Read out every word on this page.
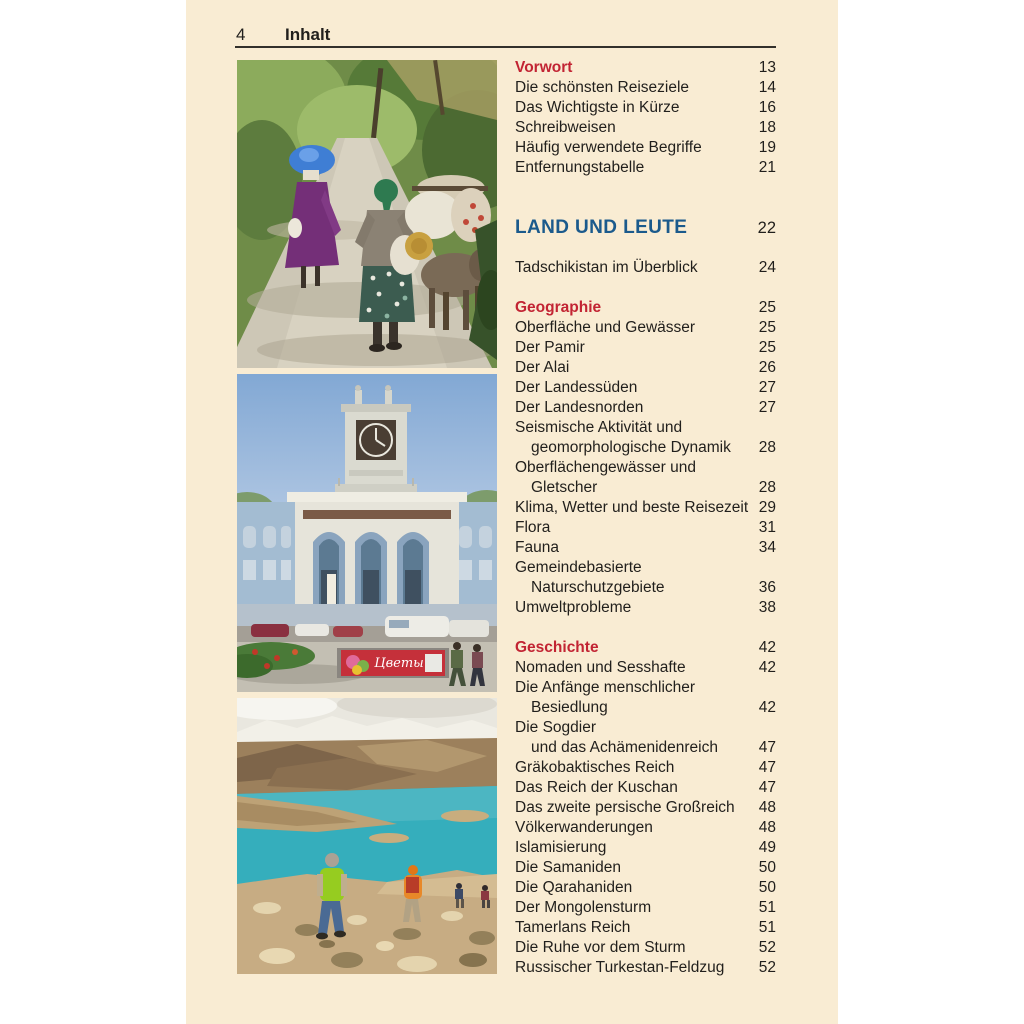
4 Inhalt
Цветы
Vorwort	13
Die schönsten Reiseziele	14
Das Wichtigste in Kürze	16
Schreibweisen	18
Häufig verwendete Begriffe	19
Entfernungstabelle	21
LAND UND LEUTE	22
Tadschikistan im Überblick	24
Geographie	25
Oberfläche und Gewässer	25
Der Pamir	25
Der Alai	26
Der Landessüden	27
Der Landesnorden	27
Seismische Aktivität und
geomorphologische Dynamik	28
Oberflächengewässer und
Gletscher	28
Klima, Wetter und beste Reisezeit 29
Flora	31
Fauna	34
Gemeindebasierte
Naturschutzgebiete	36
Umweltprobleme	38
Geschichte	42
Nomaden und Sesshafte	42
Die Anfänge menschlicher
Besiedlung	42
Die Sogdier
und das Achämenidenreich	47
Gräkobaktisches Reich	47
Das Reich der Kuschan	47
Das zweite persische Großreich	48
Völkerwanderungen	48
Islamisierung	49
Die Samaniden	50
Die Qarahaniden	50
Der Mongolensturm	51
Tamerlans Reich	51
Die Ruhe vor dem Sturm	52
Russischer Turkestan-Feldzug	52
